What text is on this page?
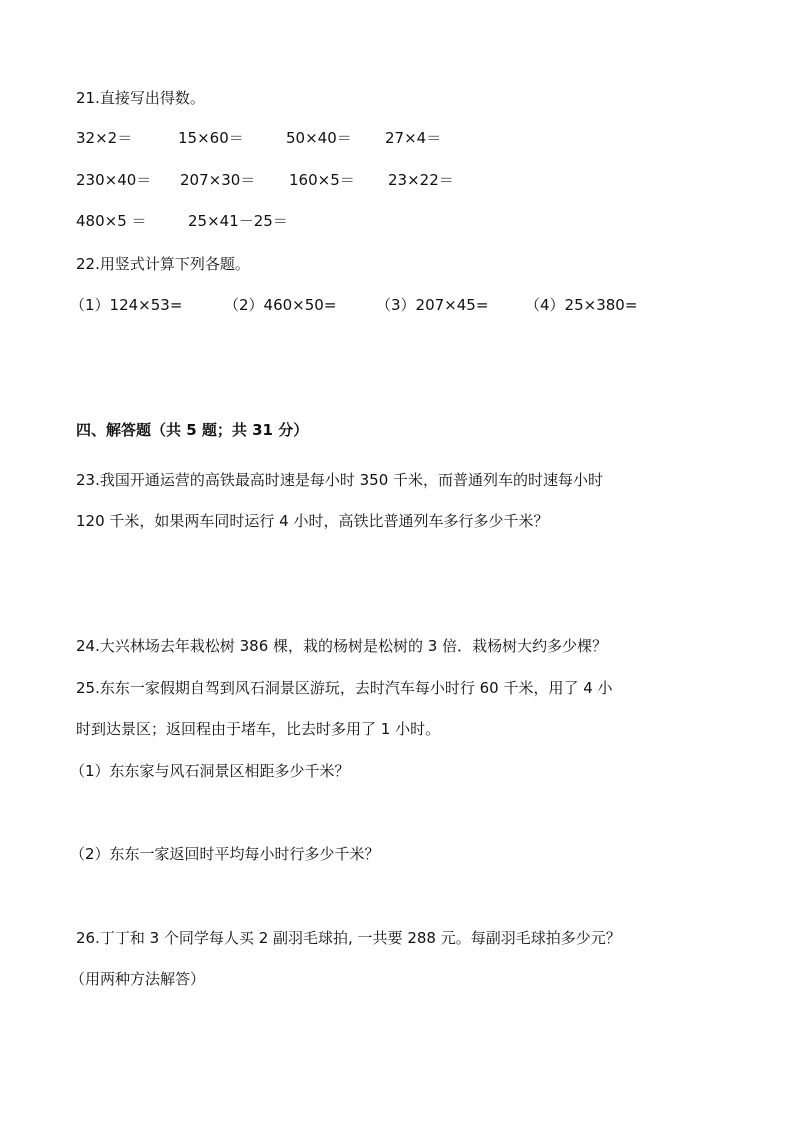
21.直接写出得数。
32×2＝	15×60＝	50×40＝ 27×4＝
230×40＝ 207×30＝ 160×5＝ 23×22＝
480×5 ＝	25×41－25＝
22.用竖式计算下列各题。
（1）124×53=	（2）460×50=	（3）207×45= （4）25×380=
四、解答题（共 5 题；共 31 分）
23.我国开通运营的高铁最高时速是每小时 350 千米，而普通列车的时速每小时
120 千米，如果两车同时运行 4 小时，高铁比普通列车多行多少千米？
24.大兴林场去年栽松树 386 棵，栽的杨树是松树的 3 倍．栽杨树大约多少棵？
25.东东一家假期自驾到风石洞景区游玩，去时汽车每小时行 60 千米，用了 4 小
时到达景区；返回程由于堵车，比去时多用了 1 小时。
（1）东东家与风石洞景区相距多少千米？
（2）东东一家返回时平均每小时行多少千米？
26.丁丁和 3 个同学每人买 2 副羽毛球拍, 一共要 288 元。每副羽毛球拍多少元？
（用两种方法解答）
